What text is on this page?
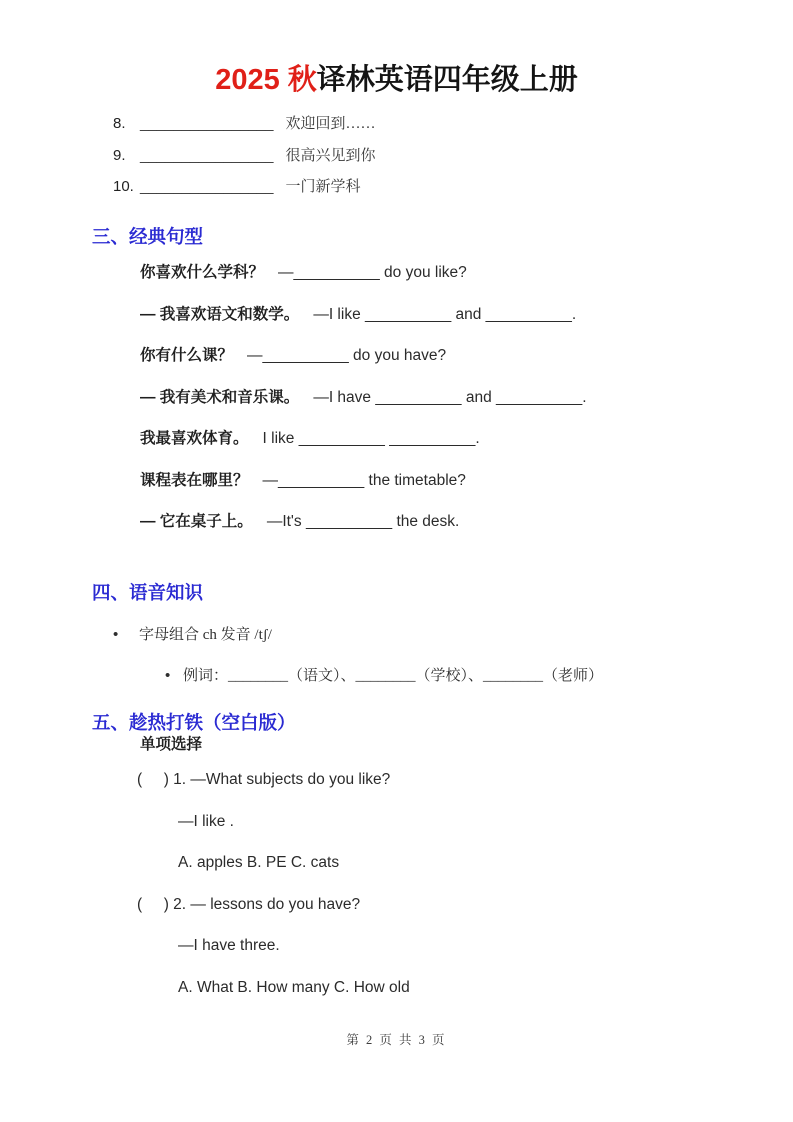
2025 秋译林英语四年级上册
8. ________________ 欢迎回到……
9. ________________ 很高兴见到你
10. ________________ 一门新学科
三、经典句型
你喜欢什么学科？ —__________ do you like?
— 我喜欢语文和数学。 —I like __________ and __________.
你有什么课？ —__________ do you have?
— 我有美术和音乐课。 —I have __________ and __________.
我最喜欢体育。 I like __________ __________.
课程表在哪里？ —__________ the timetable?
— 它在桌子上。 —It's __________ the desk.
四、语音知识
• 字母组合 ch 发音 /tʃ/
• 例词：________（语文）、________（学校）、________（老师）
五、趁热打铁（空白版）
单项选择
(     ) 1. —What subjects do you like?
—I like .
A. apples B. PE C. cats
(     ) 2. — lessons do you have?
—I have three.
A. What B. How many C. How old
第 2 页 共 3 页
